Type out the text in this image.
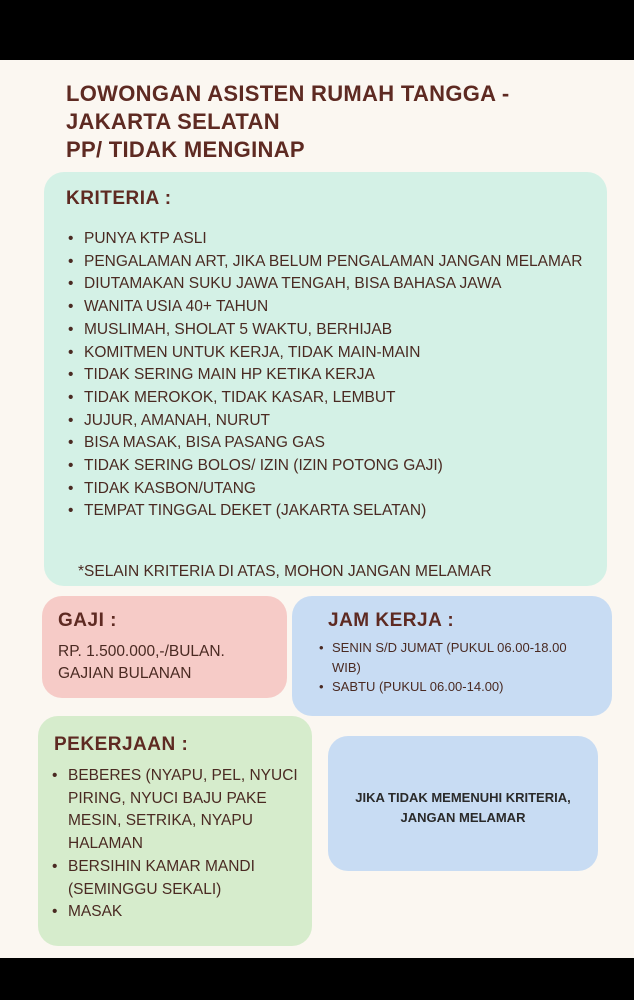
LOWONGAN ASISTEN RUMAH TANGGA -
JAKARTA SELATAN
PP/ TIDAK MENGINAP
KRITERIA :
• PUNYA KTP ASLI
• PENGALAMAN ART, JIKA BELUM PENGALAMAN JANGAN MELAMAR
• DIUTAMAKAN SUKU JAWA TENGAH, BISA BAHASA JAWA
• WANITA USIA 40+ TAHUN
• MUSLIMAH, SHOLAT 5 WAKTU, BERHIJAB
• KOMITMEN UNTUK KERJA, TIDAK MAIN-MAIN
• TIDAK SERING MAIN HP KETIKA KERJA
• TIDAK MEROKOK, TIDAK KASAR, LEMBUT
• JUJUR, AMANAH, NURUT
• BISA MASAK, BISA PASANG GAS
• TIDAK SERING BOLOS/ IZIN (IZIN POTONG GAJI)
• TIDAK KASBON/UTANG
• TEMPAT TINGGAL DEKET (JAKARTA SELATAN)
*SELAIN KRITERIA DI ATAS, MOHON JANGAN MELAMAR
GAJI :
RP. 1.500.000,-/BULAN.
GAJIAN BULANAN
JAM KERJA :
• SENIN S/D JUMAT (PUKUL 06.00-18.00 WIB)
• SABTU (PUKUL 06.00-14.00)
PEKERJAAN :
• BEBERES (NYAPU, PEL, NYUCI PIRING, NYUCI BAJU PAKE MESIN, SETRIKA, NYAPU HALAMAN
• BERSIHIN KAMAR MANDI (SEMINGGU SEKALI)
• MASAK
JIKA TIDAK MEMENUHI KRITERIA,
JANGAN MELAMAR
